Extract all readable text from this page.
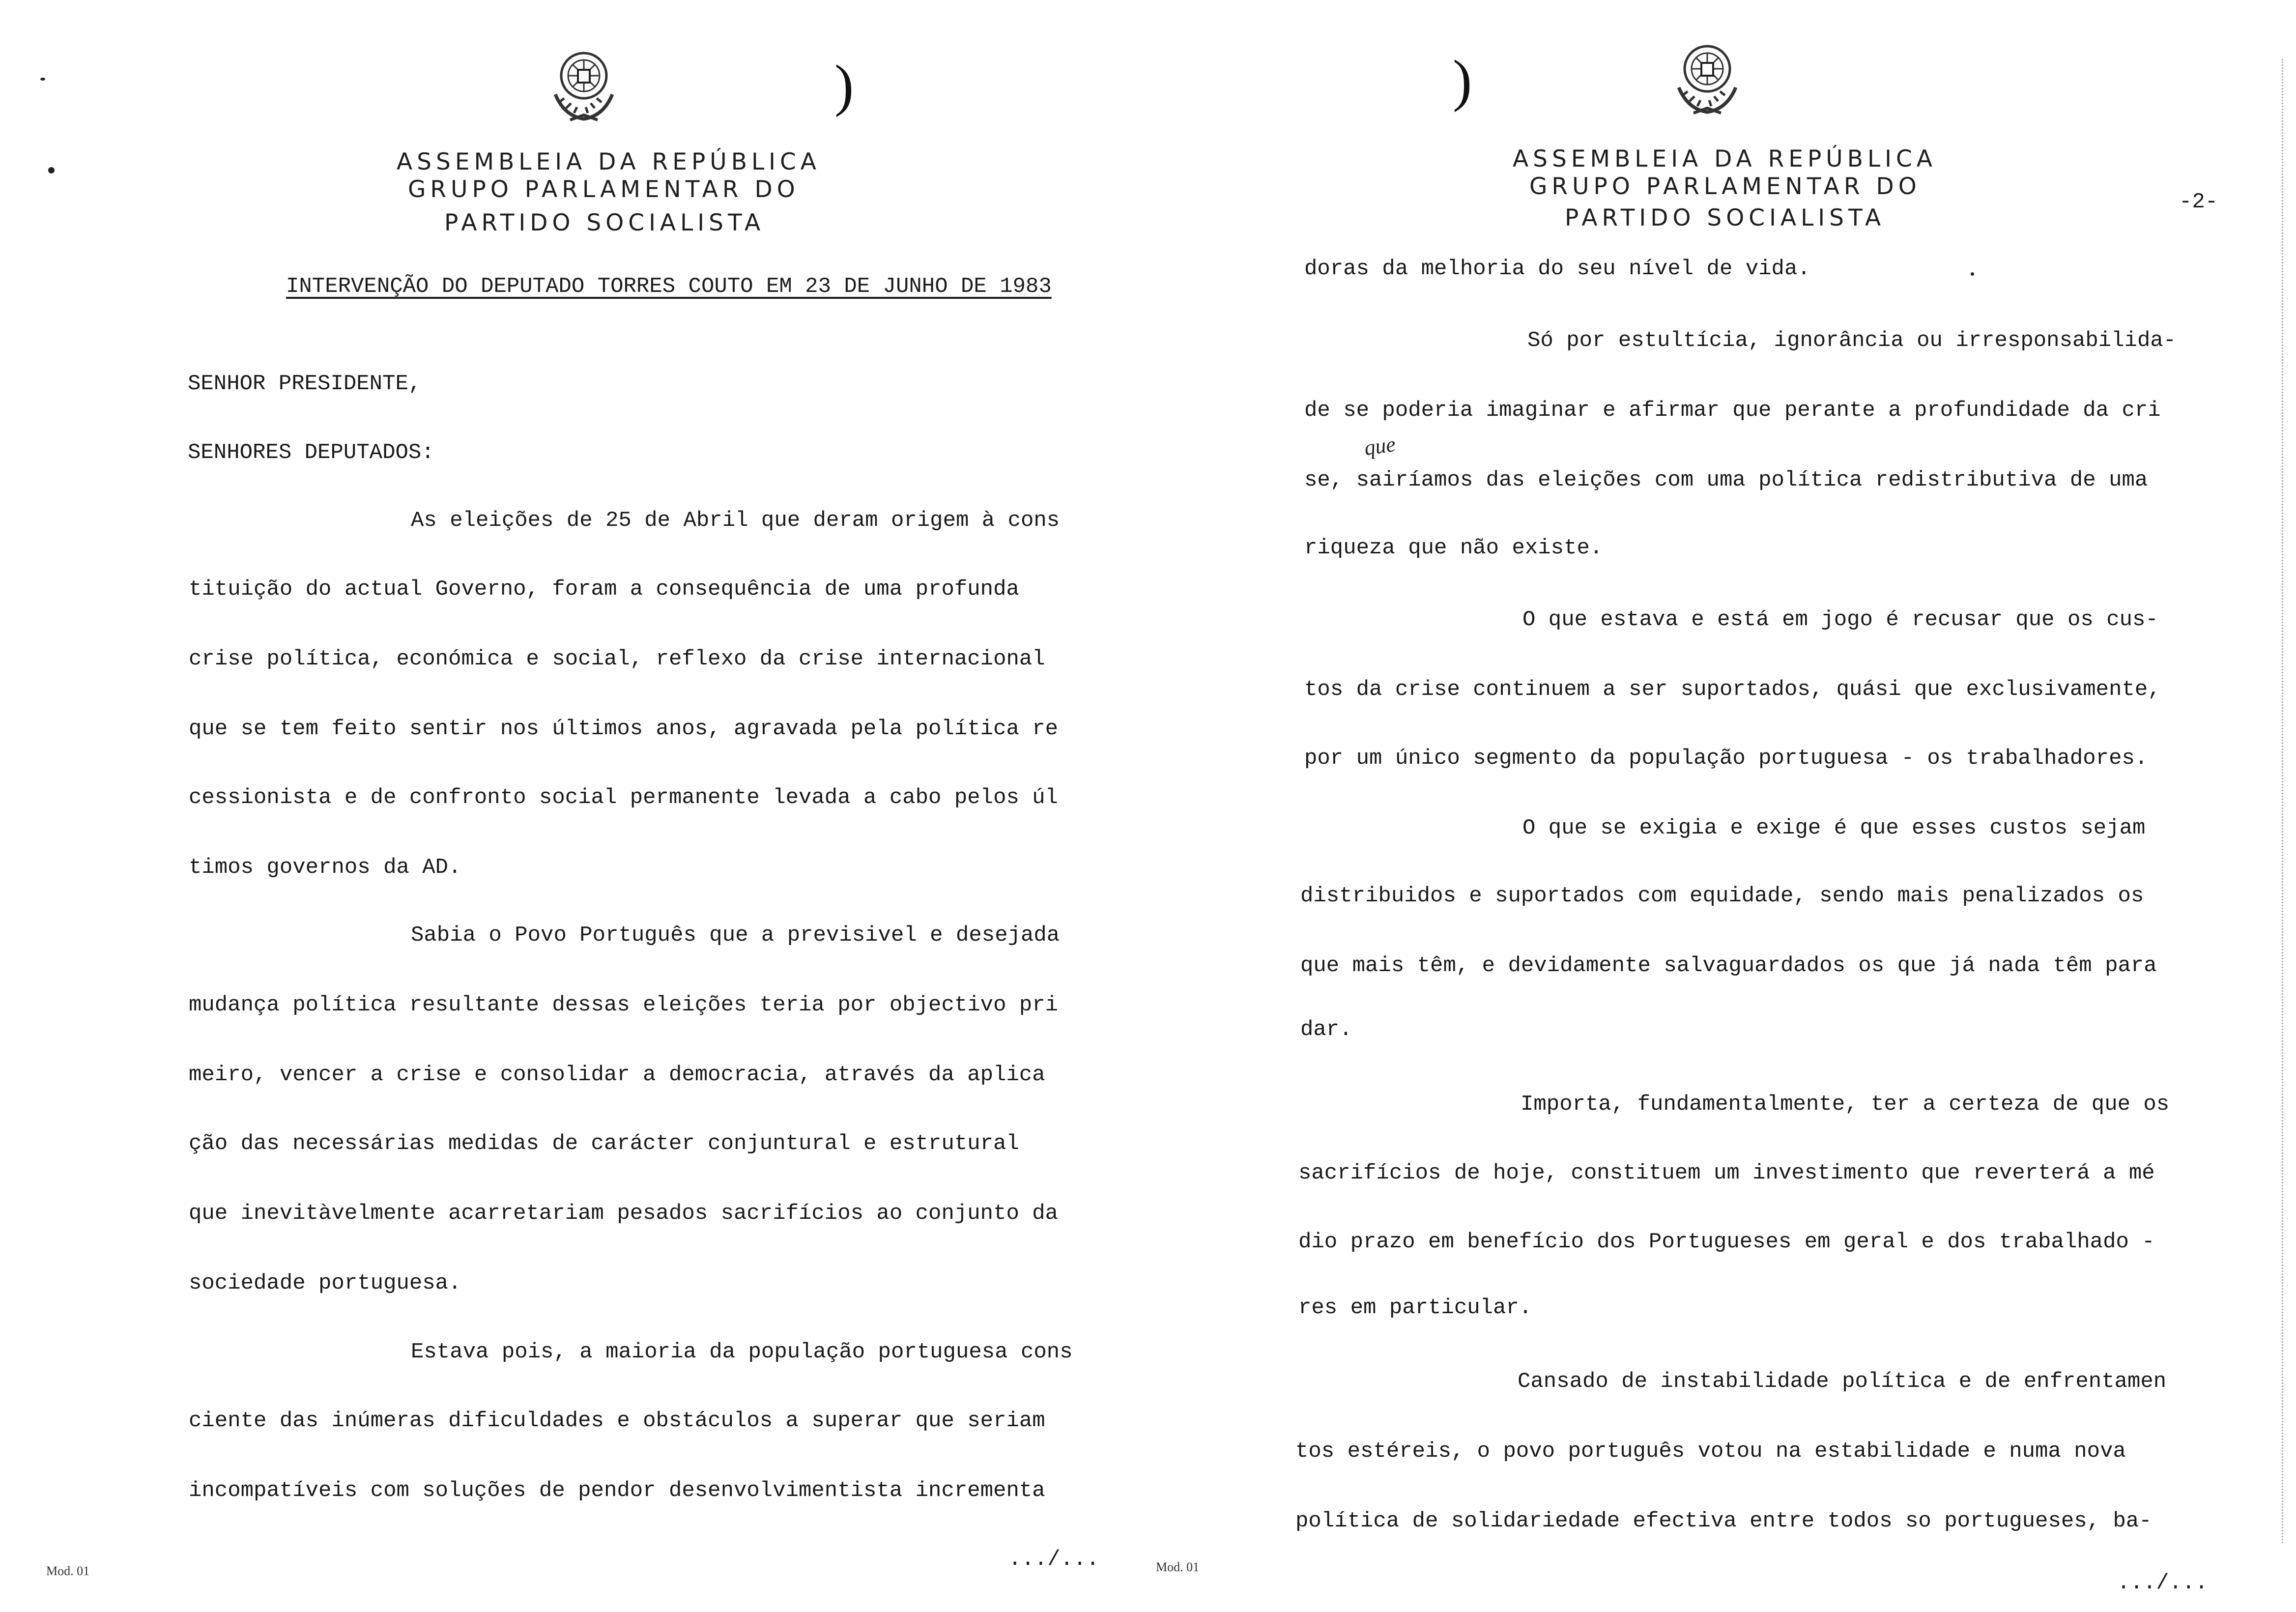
)
ASSEMBLEIA DA REPÚBLICA
GRUPO PARLAMENTAR DO
PARTIDO SOCIALISTA
INTERVENÇÃO DO DEPUTADO TORRES COUTO EM 23 DE JUNHO DE 1983
SENHOR PRESIDENTE,
SENHORES DEPUTADOS:
As eleições de 25 de Abril que deram origem à cons
tituição do actual Governo, foram a consequência de uma profunda
crise política, económica e social, reflexo da crise internacional
que se tem feito sentir nos últimos anos, agravada pela política re
cessionista e de confronto social permanente levada a cabo pelos úl
timos governos da AD.
Sabia o Povo Português que a previsivel e desejada
mudança política resultante dessas eleições teria por objectivo pri
meiro, vencer a crise e consolidar a democracia, através da aplica
ção das necessárias medidas de carácter conjuntural e estrutural
que inevitàvelmente acarretariam pesados sacrifícios ao conjunto da
sociedade portuguesa.
Estava pois, a maioria da população portuguesa cons
ciente das inúmeras dificuldades e obstáculos a superar que seriam
incompatíveis com soluções de pendor desenvolvimentista incrementa
.../...
Mod. 01
)
ASSEMBLEIA DA REPÚBLICA
GRUPO PARLAMENTAR DO
PARTIDO SOCIALISTA
-2-
doras da melhoria do seu nível de vida.
Só por estultícia, ignorância ou irresponsabilida-
de se poderia imaginar e afirmar que perante a profundidade da cri
que
se, sairíamos das eleições com uma política redistributiva de uma
riqueza que não existe.
O que estava e está em jogo é recusar que os cus-
tos da crise continuem a ser suportados, quási que exclusivamente,
por um único segmento da população portuguesa - os trabalhadores.
O que se exigia e exige é que esses custos sejam
distribuidos e suportados com equidade, sendo mais penalizados os
que mais têm, e devidamente salvaguardados os que já nada têm para
dar.
Importa, fundamentalmente, ter a certeza de que os
sacrifícios de hoje, constituem um investimento que reverterá a mé
dio prazo em benefício dos Portugueses em geral e dos trabalhado -
res em particular.
Cansado de instabilidade política e de enfrentamen
tos estéreis, o povo português votou na estabilidade e numa nova
política de solidariedade efectiva entre todos so portugueses, ba-
.../...
Mod. 01
